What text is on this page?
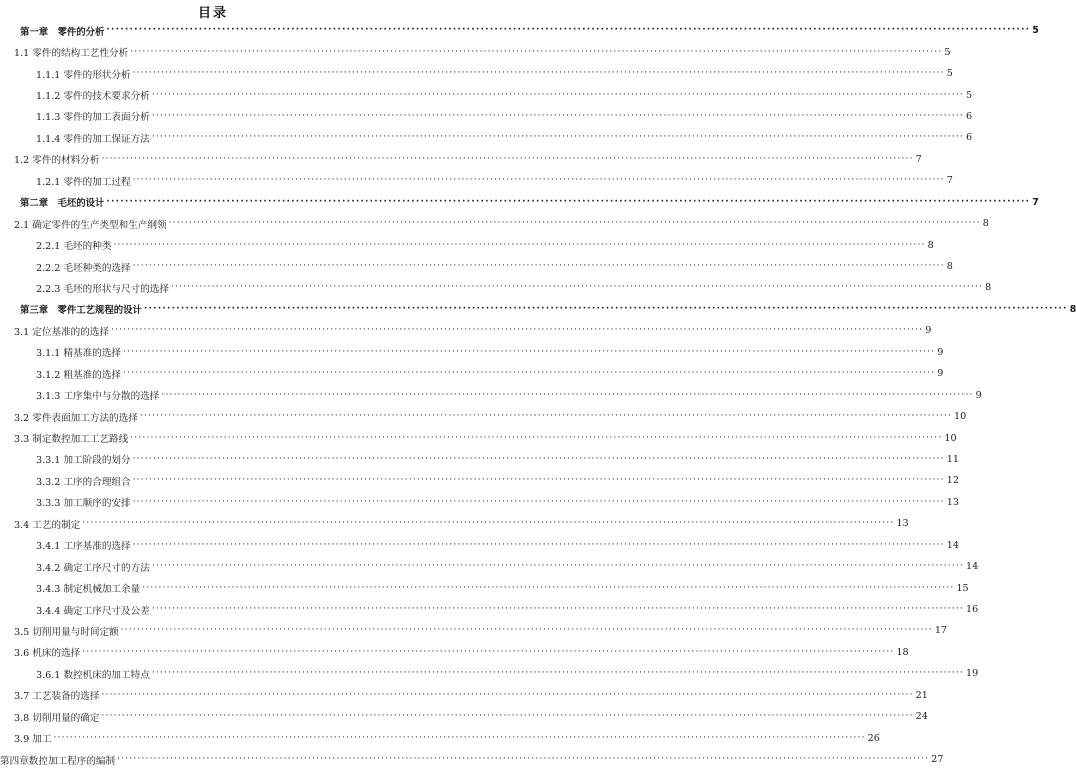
目录
第一章　零件的分析 ········································································································································································································ 5
1.1 零件的结构工艺性分析 ········································································································································································································ 5
1.1.1 零件的形状分析 ········································································································································································································ 5
1.1.2 零件的技术要求分析 ········································································································································································································ 5
1.1.3 零件的加工表面分析 ········································································································································································································ 6
1.1.4 零件的加工保证方法 ········································································································································································································ 6
1.2 零件的材料分析 ········································································································································································································ 7
1.2.1 零件的加工过程 ········································································································································································································ 7
第二章　毛坯的设计 ········································································································································································································ 7
2.1 确定零件的生产类型和生产纲领 ········································································································································································································ 8
2.2.1 毛坯的种类 ········································································································································································································ 8
2.2.2 毛坯种类的选择 ········································································································································································································ 8
2.2.3 毛坯的形状与尺寸的选择 ········································································································································································································ 8
第三章　零件工艺规程的设计 ········································································································································································································ 8
3.1 定位基准的的选择 ········································································································································································································ 9
3.1.1 精基准的选择 ········································································································································································································ 9
3.1.2 粗基准的选择 ········································································································································································································ 9
3.1.3 工序集中与分散的选择 ········································································································································································································ 9
3.2 零件表面加工方法的选择 ········································································································································································································ 10
3.3 制定数控加工工艺路线 ········································································································································································································ 10
3.3.1 加工阶段的划分 ········································································································································································································ 11
3.3.2 工序的合理组合 ········································································································································································································ 12
3.3.3 加工顺序的安排 ········································································································································································································ 13
3.4 工艺的制定 ········································································································································································································ 13
3.4.1 工序基准的选择 ········································································································································································································ 14
3.4.2 确定工序尺寸的方法 ········································································································································································································ 14
3.4.3 制定机械加工余量 ········································································································································································································ 15
3.4.4 确定工序尺寸及公差 ········································································································································································································ 16
3.5 切削用量与时间定额 ········································································································································································································ 17
3.6 机床的选择 ········································································································································································································ 18
3.6.1 数控机床的加工特点 ········································································································································································································ 19
3.7 工艺装备的选择 ········································································································································································································ 21
3.8 切削用量的确定 ········································································································································································································ 24
3.9 加工 ········································································································································································································ 26
第四章数控加工程序的编制 ········································································································································································································ 27
